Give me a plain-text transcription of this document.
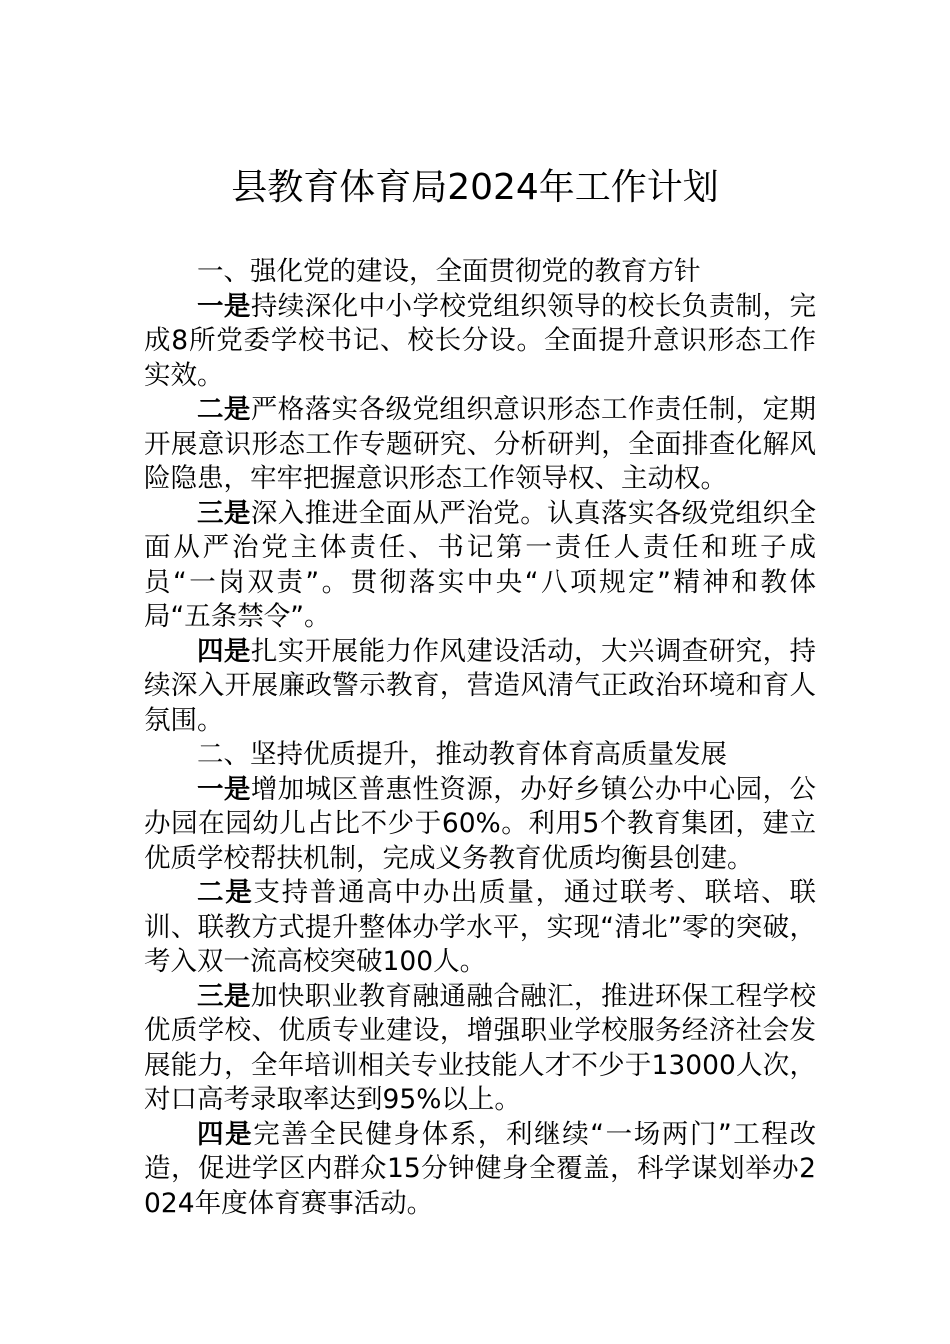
县教育体育局2024年工作计划

一、强化党的建设，全面贯彻党的教育方针

一是持续深化中小学校党组织领导的校长负责制，完成8所党委学校书记、校长分设。全面提升意识形态工作实效。

二是严格落实各级党组织意识形态工作责任制，定期开展意识形态工作专题研究、分析研判，全面排查化解风险隐患，牢牢把握意识形态工作领导权、主动权。

三是深入推进全面从严治党。认真落实各级党组织全面从严治党主体责任、书记第一责任人责任和班子成员“一岗双责”。贯彻落实中央“八项规定”精神和教体局“五条禁令”。

四是扎实开展能力作风建设活动，大兴调查研究，持续深入开展廉政警示教育，营造风清气正政治环境和育人氛围。

二、坚持优质提升，推动教育体育高质量发展

一是增加城区普惠性资源，办好乡镇公办中心园，公办园在园幼儿占比不少于60%。利用5个教育集团，建立优质学校帮扶机制，完成义务教育优质均衡县创建。

二是支持普通高中办出质量，通过联考、联培、联训、联教方式提升整体办学水平，实现“清北”零的突破，考入双一流高校突破100人。

三是加快职业教育融通融合融汇，推进环保工程学校优质学校、优质专业建设，增强职业学校服务经济社会发展能力，全年培训相关专业技能人才不少于13000人次，对口高考录取率达到95%以上。

四是完善全民健身体系，利继续“一场两门”工程改造，促进学区内群众15分钟健身全覆盖，科学谋划举办2024年度体育赛事活动。
